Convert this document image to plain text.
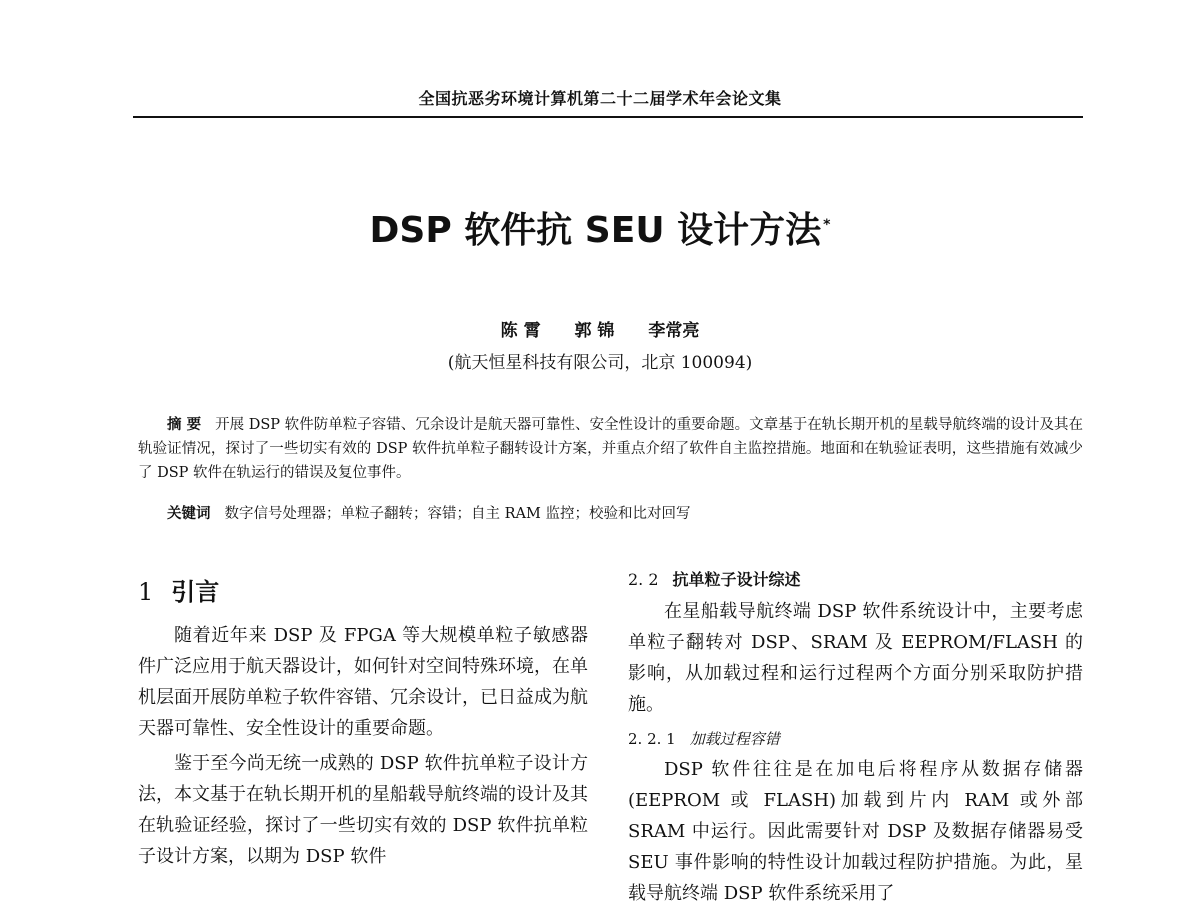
全国抗恶劣环境计算机第二十二届学术年会论文集
DSP 软件抗 SEU 设计方法 *
陈 霄 郭 锦 李常亮
(航天恒星科技有限公司，北京 100094)
摘 要 开展 DSP 软件防单粒子容错、冗余设计是航天器可靠性、安全性设计的重要命题。文章基于在轨长期开机的星载导航终端的设计及其在轨验证情况，探讨了一些切实有效的 DSP 软件抗单粒子翻转设计方案，并重点介绍了软件自主监控措施。地面和在轨验证表明，这些措施有效减少了 DSP 软件在轨运行的错误及复位事件。
关键词 数字信号处理器；单粒子翻转；容错；自主 RAM 监控；校验和比对回写
1 引言

随着近年来 DSP 及 FPGA 等大规模单粒子敏感器件广泛应用于航天器设计，如何针对空间特殊环境，在单机层面开展防单粒子软件容错、冗余设计，已日益成为航天器可靠性、安全性设计的重要命题。

鉴于至今尚无统一成熟的 DSP 软件抗单粒子设计方法，本文基于在轨长期开机的星船载导航终端的设计及其在轨验证经验，探讨了一些切实有效的 DSP 软件抗单粒子设计方案，以期为 DSP 软件

2. 2 抗单粒子设计综述

在星船载导航终端 DSP 软件系统设计中，主要考虑单粒子翻转对 DSP、SRAM 及 EEPROM/FLASH 的影响，从加载过程和运行过程两个方面分别采取防护措施。

2. 2. 1 加载过程容错

DSP 软件往往是在加电后将程序从数据存储器(EEPROM 或 FLASH)加载到片内 RAM 或外部 SRAM 中运行。因此需要针对 DSP 及数据存储器易受 SEU 事件影响的特性设计加载过程防护措施。为此，星载导航终端 DSP 软件系统采用了
